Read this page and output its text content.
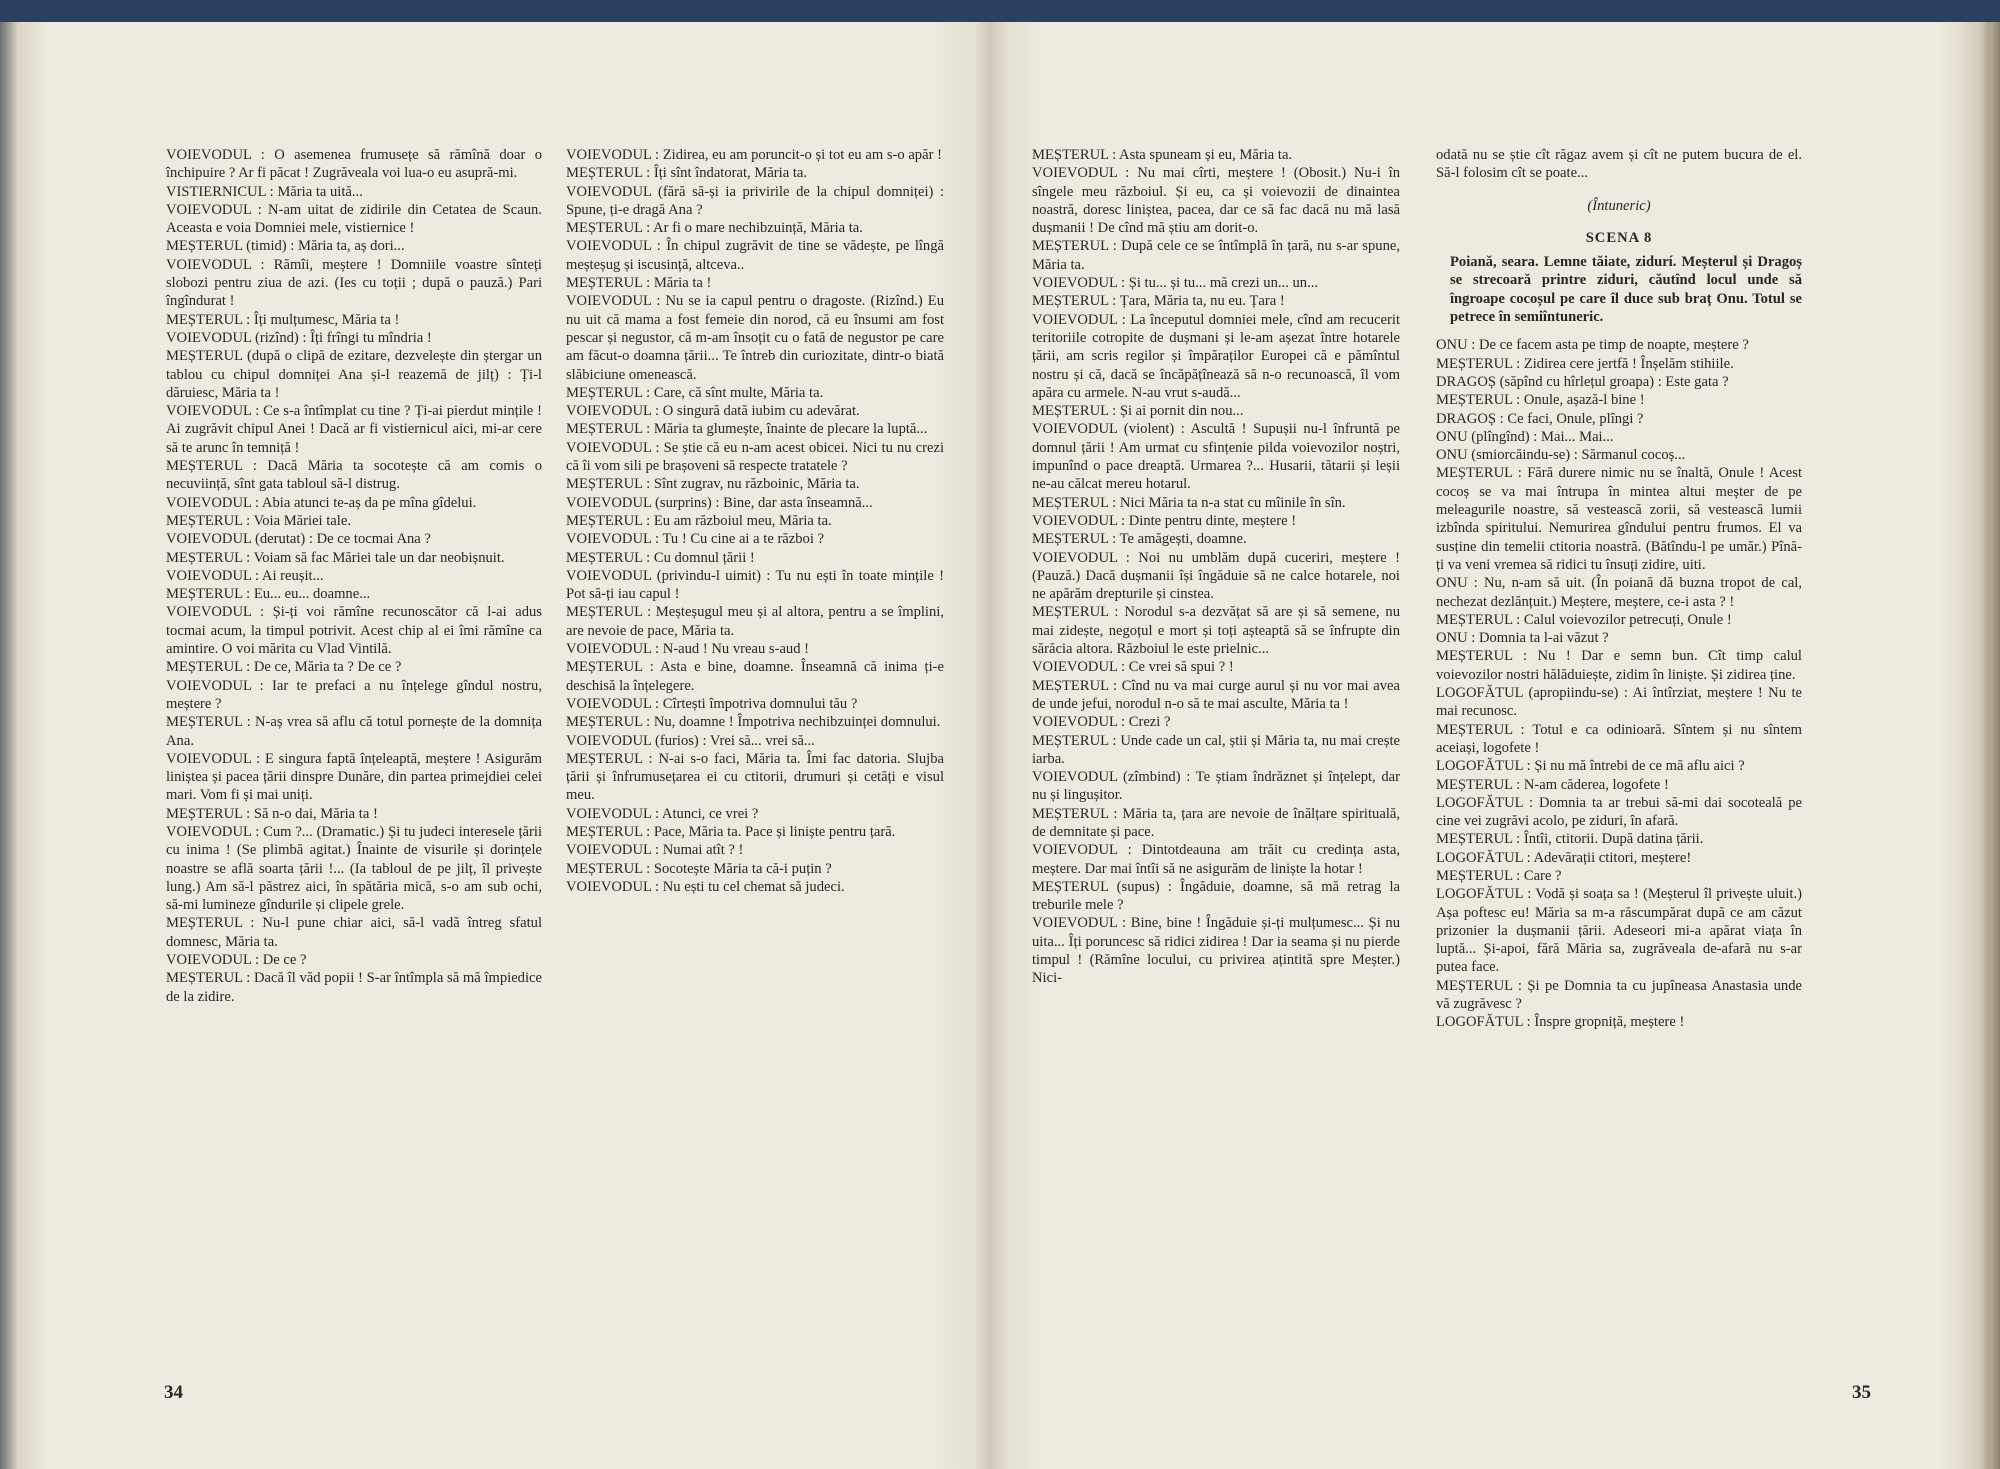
VOIEVODUL : O asemenea frumusețe să rămînă doar o închipuire ? Ar fi păcat ! Zugrăveala voi lua-o eu asupră-mi.

VISTIERNICUL : Măria ta uită...

VOIEVODUL : N-am uitat de zidirile din Cetatea de Scaun. Aceasta e voia Domniei mele, vistiernice !

MEȘTERUL (timid) : Măria ta, aș dori...

VOIEVODUL : Rămîi, meștere ! Domniile voastre sînteți slobozi pentru ziua de azi. (Ies cu toții ; după o pauză.) Pari îngîndurat !

MEȘTERUL : Îți mulțumesc, Măria ta !

VOIEVODUL (rizînd) : Îți frîngi tu mîndria !

MEȘTERUL (după o clipă de ezitare, dezvelește din ștergar un tablou cu chipul domniței Ana și-l reazemă de jilț) : Ți-l dăruiesc, Măria ta !

VOIEVODUL : Ce s-a întîmplat cu tine ? Ți-ai pierdut mințile ! Ai zugrăvit chipul Anei ! Dacă ar fi vistiernicul aici, mi-ar cere să te arunc în temniță !

MEȘTERUL : Dacă Măria ta socotește că am comis o necuviință, sînt gata tabloul să-l distrug.

VOIEVODUL : Abia atunci te-aș da pe mîna gîdelui.

MEȘTERUL : Voia Măriei tale.

VOIEVODUL (derutat) : De ce tocmai Ana ?

MEȘTERUL : Voiam să fac Măriei tale un dar neobișnuit.

VOIEVODUL : Ai reușit...

MEȘTERUL : Eu... eu... doamne...

VOIEVODUL : Și-ți voi rămîne recunoscător că l-ai adus tocmai acum, la timpul potrivit. Acest chip al ei îmi rămîne ca amintire. O voi mărita cu Vlad Vintilă.

MEȘTERUL : De ce, Măria ta ? De ce ?

VOIEVODUL : Iar te prefaci a nu înțelege gîndul nostru, meștere ?

MEȘTERUL : N-aș vrea să aflu că totul pornește de la domnița Ana.

VOIEVODUL : E singura faptă înțeleaptă, meștere ! Asigurăm liniștea și pacea țării dinspre Dunăre, din partea primejdiei celei mari. Vom fi și mai uniți.

MEȘTERUL : Să n-o dai, Măria ta !

VOIEVODUL : Cum ?... (Dramatic.) Și tu judeci interesele țării cu inima ! (Se plimbă agitat.) Înainte de visurile și dorințele noastre se află soarta țării !... (Ia tabloul de pe jilț, îl privește lung.) Am să-l păstrez aici, în spătăria mică, s-o am sub ochi, să-mi lumineze gîndurile și clipele grele.

MEȘTERUL : Nu-l pune chiar aici, să-l vadă întreg sfatul domnesc, Măria ta.

VOIEVODUL : De ce ?

MEȘTERUL : Dacă îl văd popii ! S-ar întîmpla să mă împiedice de la zidire.

VOIEVODUL : Zidirea, eu am poruncit-o și tot eu am s-o apăr !

MEȘTERUL : Îți sînt îndatorat, Măria ta.

VOIEVODUL (fără să-și ia privirile de la chipul domniței) : Spune, ți-e dragă Ana ?

MEȘTERUL : Ar fi o mare nechibzuință, Măria ta.

VOIEVODUL : În chipul zugrăvit de tine se vădește, pe lîngă meșteșug și iscusință, altceva..

MEȘTERUL : Măria ta !

VOIEVODUL : Nu se ia capul pentru o dragoste. (Rizînd.) Eu nu uit că mama a fost femeie din norod, că eu însumi am fost pescar și negustor, că m-am însoțit cu o fată de negustor pe care am făcut-o doamna țării... Te întreb din curiozitate, dintr-o biată slăbiciune omenească.

MEȘTERUL : Care, că sînt multe, Măria ta.

VOIEVODUL : O singură dată iubim cu adevărat.

MEȘTERUL : Măria ta glumește, înainte de plecare la luptă...

VOIEVODUL : Se știe că eu n-am acest obicei. Nici tu nu crezi că îi vom sili pe brașoveni să respecte tratatele ?

MEȘTERUL : Sînt zugrav, nu războinic, Măria ta.

VOIEVODUL (surprins) : Bine, dar asta înseamnă...

MEȘTERUL : Eu am războiul meu, Măria ta.

VOIEVODUL : Tu ! Cu cine ai a te război ?

MEȘTERUL : Cu domnul țării !

VOIEVODUL (privindu-l uimit) : Tu nu ești în toate mințile ! Pot să-ți iau capul !

MEȘTERUL : Meșteșugul meu și al altora, pentru a se împlini, are nevoie de pace, Măria ta.

VOIEVODUL : N-aud ! Nu vreau s-aud !

MEȘTERUL : Asta e bine, doamne. Înseamnă că inima ți-e deschisă la înțelegere.

VOIEVODUL : Cîrtești împotriva domnului tău ?

MEȘTERUL : Nu, doamne ! Împotriva nechibzuinței domnului.

VOIEVODUL (furios) : Vrei să... vrei să...

MEȘTERUL : N-ai s-o faci, Măria ta. Îmi fac datoria. Slujba țării și înfrumusețarea ei cu ctitorii, drumuri și cetăți e visul meu.

VOIEVODUL : Atunci, ce vrei ?

MEȘTERUL : Pace, Măria ta. Pace și liniște pentru țară.

VOIEVODUL : Numai atît ? !

MEȘTERUL : Socotește Măria ta că-i puțin ?

VOIEVODUL : Nu ești tu cel chemat să judeci.

34

MEȘTERUL : Asta spuneam și eu, Măria ta.

VOIEVODUL : Nu mai cîrti, meștere ! (Obosit.) Nu-i în sîngele meu războiul. Și eu, ca și voievozii de dinaintea noastră, doresc liniștea, pacea, dar ce să fac dacă nu mă lasă dușmanii ! De cînd mă știu am dorit-o.

MEȘTERUL : După cele ce se întîmplă în țară, nu s-ar spune, Măria ta.

VOIEVODUL : Și tu... și tu... mă crezi un... un...

MEȘTERUL : Țara, Măria ta, nu eu. Țara !

VOIEVODUL : La începutul domniei mele, cînd am recucerit teritoriile cotropite de dușmani și le-am așezat între hotarele țării, am scris regilor și împăraților Europei că e pămîntul nostru și că, dacă se încăpățînează să n-o recunoască, îl vom apăra cu armele. N-au vrut s-audă...

MEȘTERUL : Și ai pornit din nou...

VOIEVODUL (violent) : Ascultă ! Supușii nu-l înfruntă pe domnul țării ! Am urmat cu sfințenie pilda voievozilor noștri, impunînd o pace dreaptă. Urmarea ?... Husarii, tătarii și leșii ne-au călcat mereu hotarul.

MEȘTERUL : Nici Măria ta n-a stat cu mîinile în sîn.

VOIEVODUL : Dinte pentru dinte, meștere !

MEȘTERUL : Te amăgești, doamne.

VOIEVODUL : Noi nu umblăm după cuceriri, meștere ! (Pauză.) Dacă dușmanii își îngăduie să ne calce hotarele, noi ne apărăm drepturile și cinstea.

MEȘTERUL : Norodul s-a dezvățat să are și să semene, nu mai zidește, negoțul e mort și toți așteaptă să se înfrupte din sărăcia altora. Războiul le este prielnic...

VOIEVODUL : Ce vrei să spui ? !

MEȘTERUL : Cînd nu va mai curge aurul și nu vor mai avea de unde jefui, norodul n-o să te mai asculte, Măria ta !

VOIEVODUL : Crezi ?

MEȘTERUL : Unde cade un cal, știi și Măria ta, nu mai crește iarba.

VOIEVODUL (zîmbind) : Te știam îndrăznet și înțelept, dar nu și lingușitor.

MEȘTERUL : Măria ta, țara are nevoie de înălțare spirituală, de demnitate și pace.

VOIEVODUL : Dintotdeauna am trăit cu credința asta, meștere. Dar mai întîi să ne asigurăm de liniște la hotar !

MEȘTERUL (supus) : Îngăduie, doamne, să mă retrag la treburile mele ?

VOIEVODUL : Bine, bine ! Îngăduie și-ți mulțumesc... Și nu uita... Îți poruncesc să ridici zidirea ! Dar ia seama și nu pierde timpul ! (Rămîne locului, cu privirea ațintită spre Meșter.) Nici-

odată nu se știe cît răgaz avem și cît ne putem bucura de el. Să-l folosim cît se poate...

(Întuneric)

SCENA 8

Poiană, seara. Lemne tăiate, zidurí. Meșterul și Dragoș se strecoară printre ziduri, căutînd locul unde să îngroape cocoșul pe care îl duce sub braț Onu. Totul se petrece în semiîntuneric.

ONU : De ce facem asta pe timp de noapte, meștere ?

MEȘTERUL : Zidirea cere jertfă ! Înșelăm stihiile.

DRAGOȘ (săpînd cu hîrlețul groapa) : Este gata ?

MEȘTERUL : Onule, așază-l bine !

DRAGOȘ : Ce faci, Onule, plîngi ?

ONU (plîngînd) : Mai... Mai...

ONU (smiorcăindu-se) : Sărmanul cocoș...

MEȘTERUL : Fără durere nimic nu se înaltă, Onule ! Acest cocoș se va mai întrupa în mintea altui meșter de pe meleagurile noastre, să vestească zorii, să vestească lumii izbînda spiritului. Nemurirea gîndului pentru frumos. El va susține din temelii ctitoria noastră. (Bătîndu-l pe umăr.) Pînă-ți va veni vremea să ridici tu însuți zidire, uiti.

ONU : Nu, n-am să uit. (În poiană dă buzna tropot de cal, nechezat dezlănțuit.) Meștere, meștere, ce-i asta ? !

MEȘTERUL : Calul voievozilor petrecuți, Onule !

ONU : Domnia ta l-ai văzut ?

MEȘTERUL : Nu ! Dar e semn bun. Cît timp calul voievozilor nostri hălăduiește, zidim în liniște. Și zidirea ține.

LOGOFĂTUL (apropiindu-se) : Ai întîrziat, meștere ! Nu te mai recunosc.

MEȘTERUL : Totul e ca odinioară. Sîntem și nu sîntem aceiași, logofete !

LOGOFĂTUL : Și nu mă întrebi de ce mă aflu aici ?

MEȘTERUL : N-am căderea, logofete !

LOGOFĂTUL : Domnia ta ar trebui să-mi dai socoteală pe cine vei zugrăvi acolo, pe ziduri, în afară.

MEȘTERUL : Întîi, ctitorii. După datina țării.

LOGOFĂTUL : Adevărații ctitori, meștere!

MEȘTERUL : Care ?

LOGOFĂTUL : Vodă și soața sa ! (Meșterul îl privește uluit.) Așa poftesc eu! Măria sa m-a răscumpărat după ce am căzut prizonier la dușmanii țării. Adeseori mi-a apărat viața în luptă... Și-apoi, fără Măria sa, zugrăveala de-afară nu s-ar putea face.

MEȘTERUL : Și pe Domnia ta cu jupîneasa Anastasia unde vă zugrăvesc ?

LOGOFĂTUL : Înspre gropniță, meștere !

35
